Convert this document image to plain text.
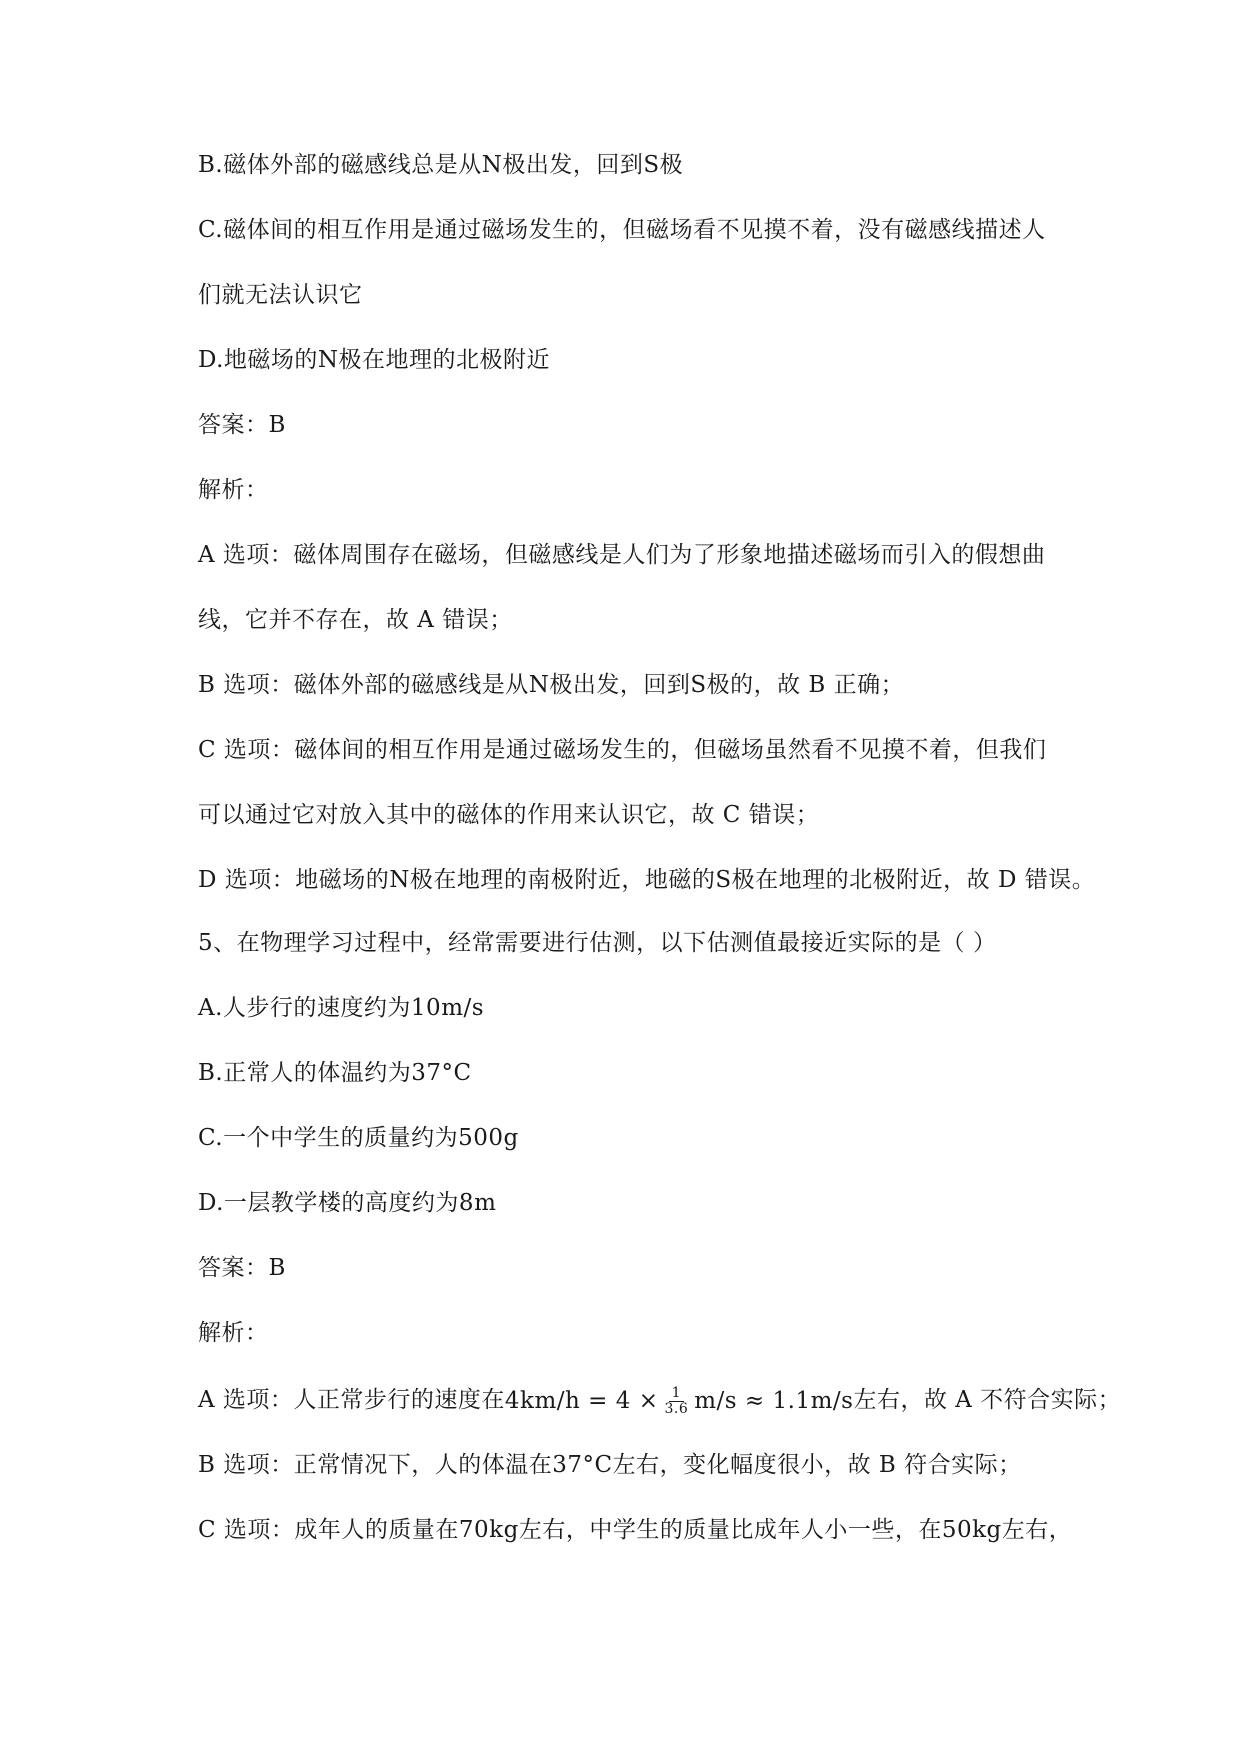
B.磁体外部的磁感线总是从N极出发，回到S极
C.磁体间的相互作用是通过磁场发生的，但磁场看不见摸不着，没有磁感线描述人
们就无法认识它
D.地磁场的N极在地理的北极附近
答案：B
解析：
A 选项：磁体周围存在磁场，但磁感线是人们为了形象地描述磁场而引入的假想曲
线，它并不存在，故 A 错误；
B 选项：磁体外部的磁感线是从N极出发，回到S极的，故 B 正确；
C 选项：磁体间的相互作用是通过磁场发生的，但磁场虽然看不见摸不着，但我们
可以通过它对放入其中的磁体的作用来认识它，故 C 错误；
D 选项：地磁场的N极在地理的南极附近，地磁的S极在地理的北极附近，故 D 错误。
5、在物理学习过程中，经常需要进行估测，以下估测值最接近实际的是（ ）
A.人步行的速度约为10m/s
B.正常人的体温约为37°C
C.一个中学生的质量约为500g
D.一层教学楼的高度约为8m
答案：B
解析：
A 选项：人正常步行的速度在 $4km/h = 4 \times \frac{1}{3.6} m/s \approx 1.1m/s$ 左右，故 A 不符合实际；
B 选项：正常情况下，人的体温在37°C左右，变化幅度很小，故 B 符合实际；
C 选项：成年人的质量在70kg左右，中学生的质量比成年人小一些，在50kg左右，
